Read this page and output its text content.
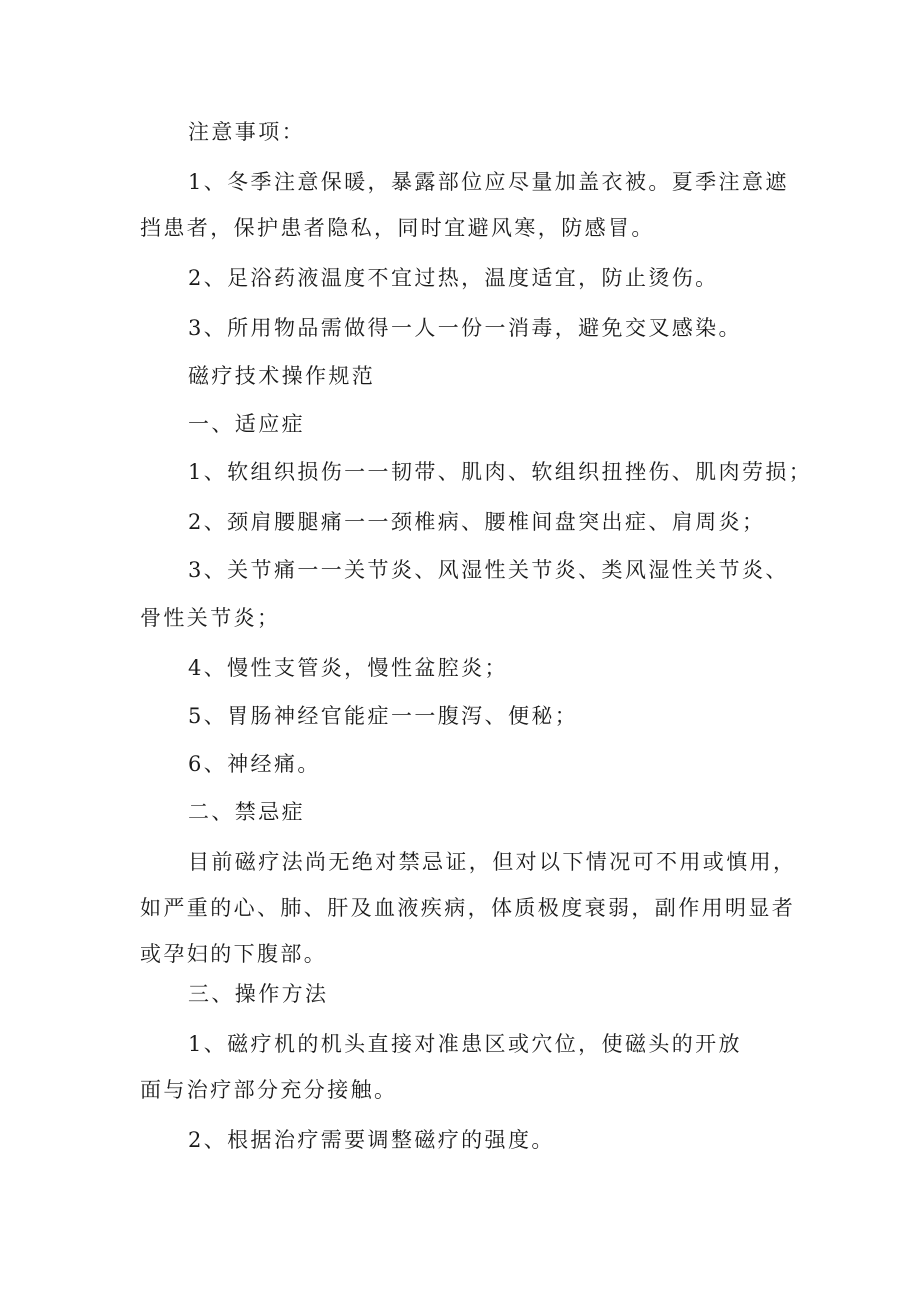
注意事项：
1、冬季注意保暖，暴露部位应尽量加盖衣被。夏季注意遮
挡患者，保护患者隐私，同时宜避风寒，防感冒。
2、足浴药液温度不宜过热，温度适宜，防止烫伤。
3、所用物品需做得一人一份一消毒，避免交叉感染。
磁疗技术操作规范
一、适应症
1、软组织损伤一一韧带、肌肉、软组织扭挫伤、肌肉劳损；
2、颈肩腰腿痛一一颈椎病、腰椎间盘突出症、肩周炎；
3、关节痛一一关节炎、风湿性关节炎、类风湿性关节炎、
骨性关节炎；
4、慢性支管炎，慢性盆腔炎；
5、胃肠神经官能症一一腹泻、便秘；
6、神经痛。
二、禁忌症
目前磁疗法尚无绝对禁忌证，但对以下情况可不用或慎用，
如严重的心、肺、肝及血液疾病，体质极度衰弱，副作用明显者
或孕妇的下腹部。
三、操作方法
1、磁疗机的机头直接对准患区或穴位，使磁头的开放
面与治疗部分充分接触。
2、根据治疗需要调整磁疗的强度。
